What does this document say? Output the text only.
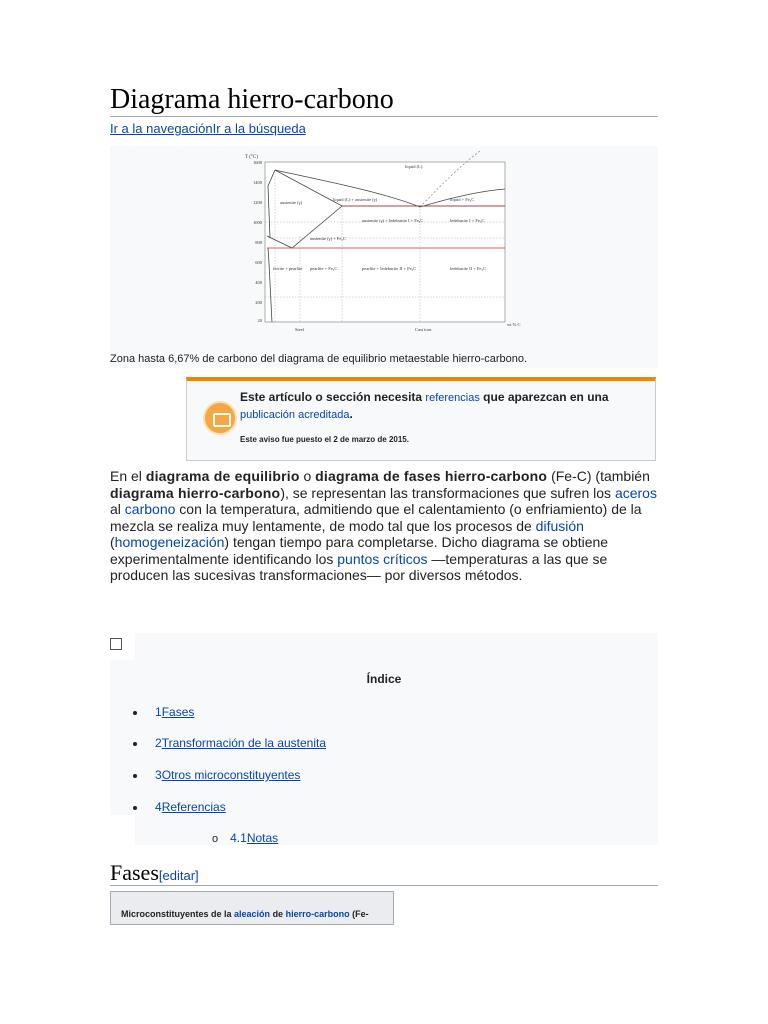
Diagrama hierro-carbono
Ir a la navegaciónIr a la búsqueda
T (°C)
1600
1400
1200
1000
800
600
400
200
20
liquid (L)
austenite (γ)
liquid (L) + austenite (γ)	liquid + Fe₃C
austenite (γ) + ledeburite I + Fe₃C	ledeburite I + Fe₃C
austenite (γ) + Fe₃C
ferrite + pearlite pearlite + Fe₃C	pearlite + ledeburite II + Fe₃C	ledeburite II + Fe₃C
wt % C
Steel	Cast iron
Zona hasta 6,67% de carbono del diagrama de equilibrio metaestable hierro-carbono.
Este artículo o sección necesita referencias que aparezcan en una publicación acreditada.
Este aviso fue puesto el 2 de marzo de 2015.

En el diagrama de equilibrio o diagrama de fases hierro-carbono (Fe-C) (también diagrama hierro-carbono), se representan las transformaciones que sufren los aceros al carbono con la temperatura, admitiendo que el calentamiento (o enfriamiento) de la mezcla se realiza muy lentamente, de modo tal que los procesos de difusión (homogeneización) tengan tiempo para completarse. Dicho diagrama se obtiene experimentalmente identificando los puntos críticos —temperaturas a las que se producen las sucesivas transformaciones— por diversos métodos.

Índice
1Fases
2Transformación de la austenita
3Otros microconstituyentes
4Referencias
o 4.1Notas
Fases[editar]
Microconstituyentes de la aleación de hierro-carbono (Fe-
